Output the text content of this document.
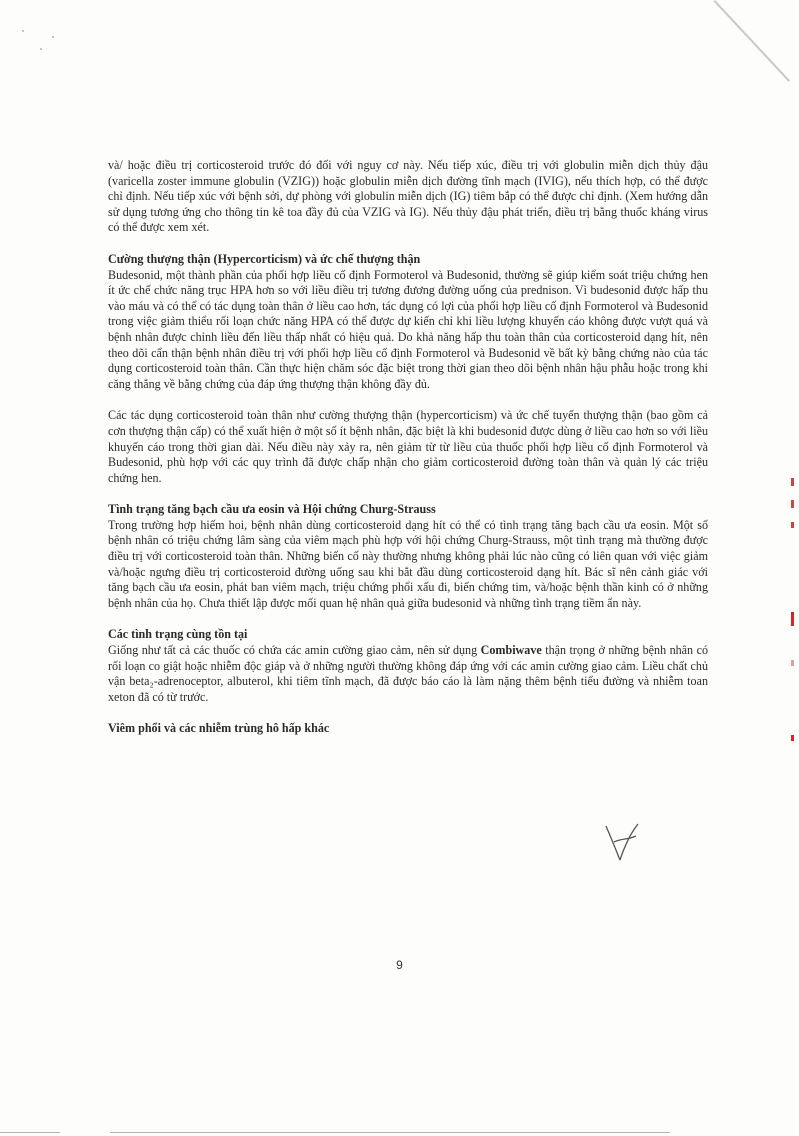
và/ hoặc điều trị corticosteroid trước đó đối với nguy cơ này. Nếu tiếp xúc, điều trị với globulin miễn dịch thủy đậu (varicella zoster immune globulin (VZIG)) hoặc globulin miễn dịch đường tĩnh mạch (IVIG), nếu thích hợp, có thể được chỉ định. Nếu tiếp xúc với bệnh sởi, dự phòng với globulin miễn dịch (IG) tiêm bắp có thể được chỉ định. (Xem hướng dẫn sử dụng tương ứng cho thông tin kê toa đầy đủ của VZIG và IG). Nếu thủy đậu phát triển, điều trị bằng thuốc kháng virus có thể được xem xét.

Cường thượng thận (Hypercorticism) và ức chế thượng thận

Budesonid, một thành phần của phối hợp liều cố định Formoterol và Budesonid, thường sẽ giúp kiểm soát triệu chứng hen ít ức chế chức năng trục HPA hơn so với liều điều trị tương đương đường uống của prednison. Vì budesonid được hấp thu vào máu và có thể có tác dụng toàn thân ở liều cao hơn, tác dụng có lợi của phối hợp liều cố định Formoterol và Budesonid trong việc giảm thiểu rối loạn chức năng HPA có thể được dự kiến chỉ khi liều lượng khuyến cáo không được vượt quá và bệnh nhân được chỉnh liều đến liều thấp nhất có hiệu quả. Do khả năng hấp thu toàn thân của corticosteroid dạng hít, nên theo dõi cẩn thận bệnh nhân điều trị với phối hợp liều cố định Formoterol và Budesonid về bất kỳ bằng chứng nào của tác dụng corticosteroid toàn thân. Cần thực hiện chăm sóc đặc biệt trong thời gian theo dõi bệnh nhân hậu phẫu hoặc trong khi căng thẳng về bằng chứng của đáp ứng thượng thận không đầy đủ.

Các tác dụng corticosteroid toàn thân như cường thượng thận (hypercorticism) và ức chế tuyến thượng thận (bao gồm cả cơn thượng thận cấp) có thể xuất hiện ở một số ít bệnh nhân, đặc biệt là khi budesonid được dùng ở liều cao hơn so với liều khuyến cáo trong thời gian dài. Nếu điều này xảy ra, nên giảm từ từ liều của thuốc phối hợp liều cố định Formoterol và Budesonid, phù hợp với các quy trình đã được chấp nhận cho giảm corticosteroid đường toàn thân và quản lý các triệu chứng hen.

Tình trạng tăng bạch cầu ưa eosin và Hội chứng Churg-Strauss

Trong trường hợp hiếm hoi, bệnh nhân dùng corticosteroid dạng hít có thể có tình trạng tăng bạch cầu ưa eosin. Một số bệnh nhân có triệu chứng lâm sàng của viêm mạch phù hợp với hội chứng Churg-Strauss, một tình trạng mà thường được điều trị với corticosteroid toàn thân. Những biến cố này thường nhưng không phải lúc nào cũng có liên quan với việc giảm và/hoặc ngưng điều trị corticosteroid đường uống sau khi bắt đầu dùng corticosteroid dạng hít. Bác sĩ nên cảnh giác với tăng bạch cầu ưa eosin, phát ban viêm mạch, triệu chứng phổi xấu đi, biến chứng tim, và/hoặc bệnh thần kinh có ở những bệnh nhân của họ. Chưa thiết lập được mối quan hệ nhân quả giữa budesonid và những tình trạng tiềm ẩn này.

Các tình trạng cùng tồn tại

Giống như tất cả các thuốc có chứa các amin cường giao cảm, nên sử dụng Combiwave thận trọng ở những bệnh nhân có rối loạn co giật hoặc nhiễm độc giáp và ở những người thường không đáp ứng với các amin cường giao cảm. Liều chất chủ vận beta₂-adrenoceptor, albuterol, khi tiêm tĩnh mạch, đã được báo cáo là làm nặng thêm bệnh tiểu đường và nhiễm toan xeton đã có từ trước.

Viêm phổi và các nhiễm trùng hô hấp khác

9
